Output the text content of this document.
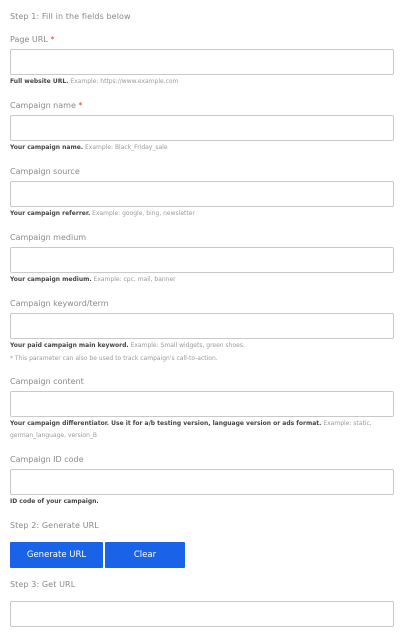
Step 1: Fill in the fields below
Page URL *
Full website URL. Example: https://www.example.com
Campaign name *
Your campaign name. Example: Black_Friday_sale
Campaign source
Your campaign referrer. Example: google, bing, newsletter
Campaign medium
Your campaign medium. Example: cpc, mail, banner
Campaign keyword/term
Your paid campaign main keyword. Example: Small widgets, green shoes.
* This parameter can also be used to track campaign's call-to-action.
Campaign content
Your campaign differentiator. Use it for a/b testing version, language version or ads format. Example: static, german_language, version_B
Campaign ID code
ID code of your campaign.
Step 2: Generate URL
Generate URL	Clear
Step 3: Get URL
